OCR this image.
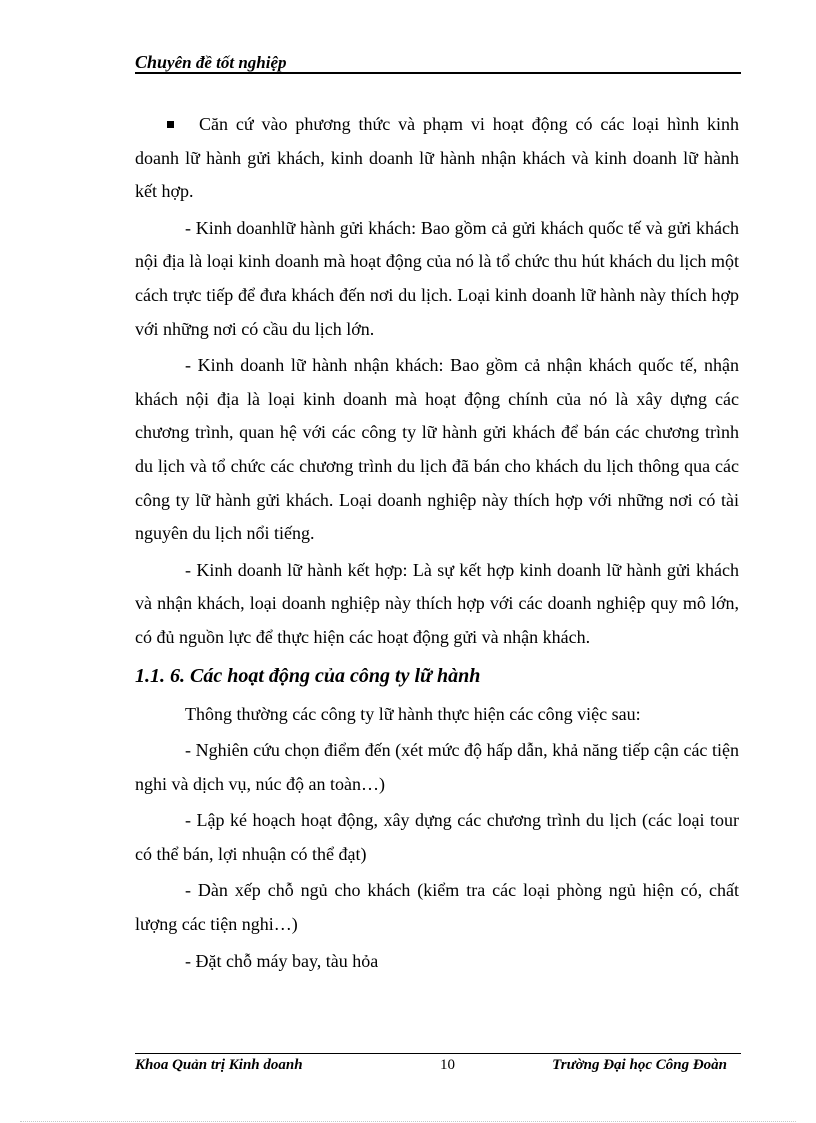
Chuyên đề tốt nghiệp
Căn cứ vào phương thức và phạm vi hoạt động có các loại hình kinh doanh lữ hành gửi khách, kinh doanh lữ hành nhận khách và kinh doanh lữ hành kết hợp.

- Kinh doanhlữ hành gửi khách: Bao gồm cả gửi khách quốc tế và gửi khách nội địa là loại kinh doanh mà hoạt động của nó là tổ chức thu hút khách du lịch một cách trực tiếp để đưa khách đến nơi du lịch. Loại kinh doanh lữ hành này thích hợp với những nơi có cầu du lịch lớn.

- Kinh doanh lữ hành nhận khách: Bao gồm cả nhận khách quốc tế, nhận khách nội địa là loại kinh doanh mà hoạt động chính của nó là xây dựng các chương trình, quan hệ với các công ty lữ hành gửi khách để bán các chương trình du lịch và tổ chức các chương trình du lịch đã bán cho khách du lịch thông qua các công ty lữ hành gửi khách. Loại doanh nghiệp này thích hợp với những nơi có tài nguyên du lịch nổi tiếng.

- Kinh doanh lữ hành kết hợp: Là sự kết hợp kinh doanh lữ hành gửi khách và nhận khách, loại doanh nghiệp này thích hợp với các doanh nghiệp quy mô lớn, có đủ nguồn lực để thực hiện các hoạt động gửi và nhận khách.

1.1. 6. Các hoạt động của công ty lữ hành

Thông thường các công ty lữ hành thực hiện các công việc sau:

- Nghiên cứu chọn điểm đến (xét mức độ hấp dẫn, khả năng tiếp cận các tiện nghi và dịch vụ, núc độ an toàn…)

- Lập ké hoạch hoạt động, xây dựng các chương trình du lịch (các loại tour có thể bán, lợi nhuận có thể đạt)

- Dàn xếp chỗ ngủ cho khách (kiểm tra các loại phòng ngủ hiện có, chất lượng các tiện nghi…)

- Đặt chỗ máy bay, tàu hỏa

Khoa Quản trị Kinh doanh	10	Trường Đại học Công Đoàn
